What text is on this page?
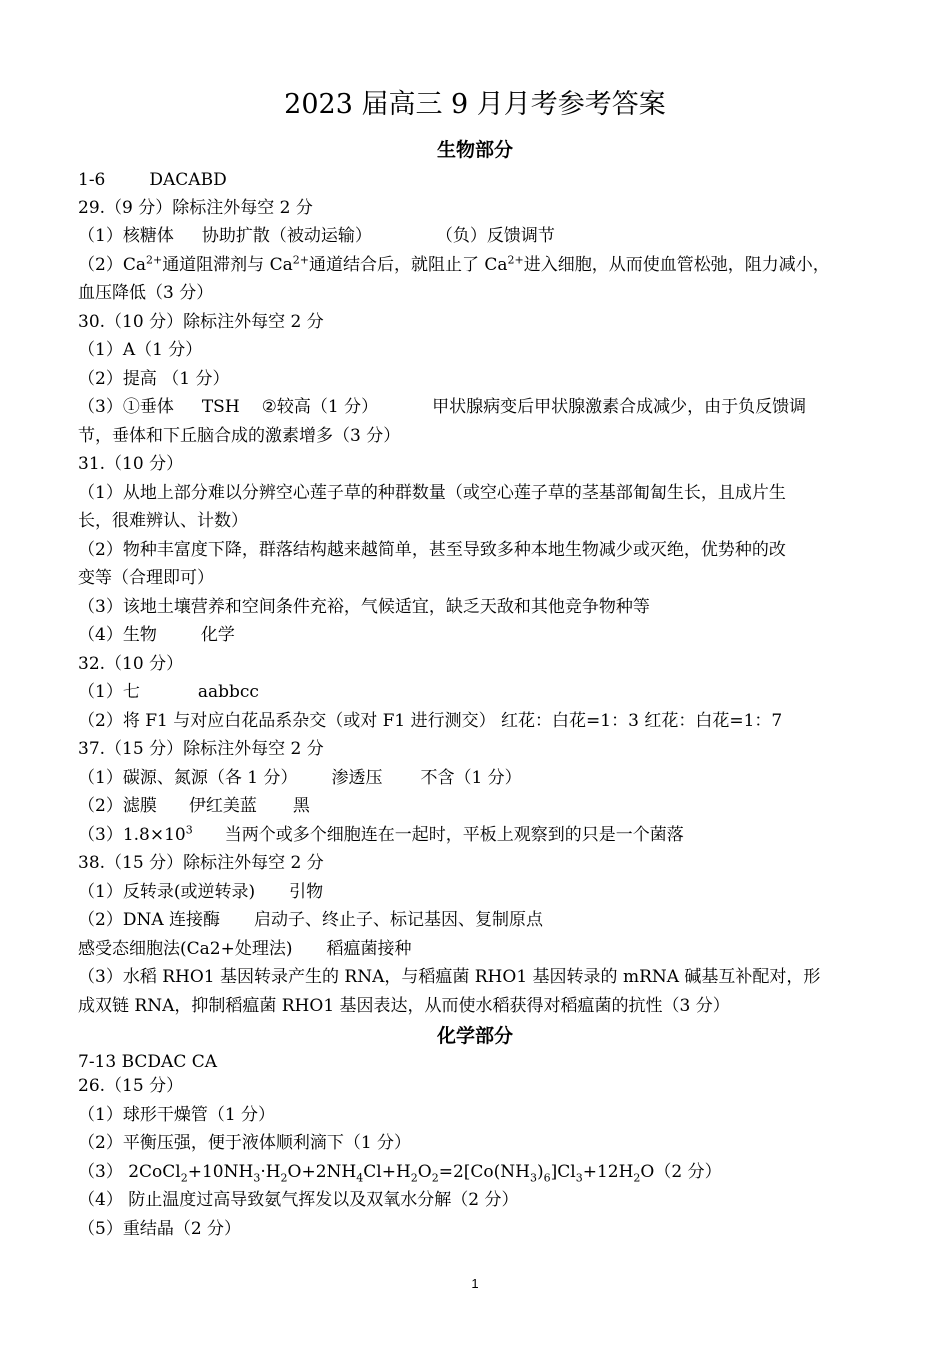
2023 届高三 9 月月考参考答案
生物部分
1-6	DACABD
29.（9 分）除标注外每空 2 分
（1）核糖体 协助扩散（被动运输）	（负）反馈调节
$(2)Ca^{2+}$通道阻滞剂与 $Ca^{2+}$通道结合后，就阻止了 $Ca^{2+}$进入细胞，从而使血管松弛，阻力减小，
血压降低（3 分）
30.（10 分）除标注外每空 2 分
（1）A（1 分）
（2）提高 （1 分）
（3）①垂体 TSH ②较高（1 分）	甲状腺病变后甲状腺激素合成减少，由于负反馈调
节，垂体和下丘脑合成的激素增多（3 分）
31.（10 分）
（1）从地上部分难以分辨空心莲子草的种群数量（或空心莲子草的茎基部匍匐生长，且成片生
长，很难辨认、计数）
（2）物种丰富度下降，群落结构越来越简单，甚至导致多种本地生物减少或灭绝，优势种的改
变等（合理即可）
（3）该地土壤营养和空间条件充裕，气候适宜，缺乏天敌和其他竞争物种等
（4）生物	化学
32.（10 分）
（1）七	aabbcc
（2）将 F1 与对应白花品系杂交（或对 F1 进行测交） 红花：白花=1：3 红花：白花=1：7
37.（15 分）除标注外每空 2 分
（1）碳源、氮源（各 1 分） 渗透压 不含（1 分）
（2）滤膜 伊红美蓝 黑
$(3)1.8\times 10^3$ 当两个或多个细胞连在一起时，平板上观察到的只是一个菌落
38.（15 分）除标注外每空 2 分
（1）反转录(或逆转录) 引物
（2）DNA 连接酶 启动子、终止子、标记基因、复制原点
感受态细胞法(Ca2+处理法) 稻瘟菌接种
（3）水稻 RHO1 基因转录产生的 RNA，与稻瘟菌 RHO1 基因转录的 mRNA 碱基互补配对，形
成双链 RNA，抑制稻瘟菌 RHO1 基因表达，从而使水稻获得对稻瘟菌的抗性（3 分）
化学部分
7-13 BCDAC CA
26.（15 分）
（1）球形干燥管（1 分）
（2）平衡压强，便于液体顺利滴下（1 分）
（3） $2CoCl_2+10NH_3\cdot H_2O+2NH_4Cl+H_2O_2=2[Co(NH_3)_6]Cl_3+12H_2O(2$ 分）
（4） 防止温度过高导致氨气挥发以及双氧水分解（2 分）
（5）重结晶（2 分）
1
